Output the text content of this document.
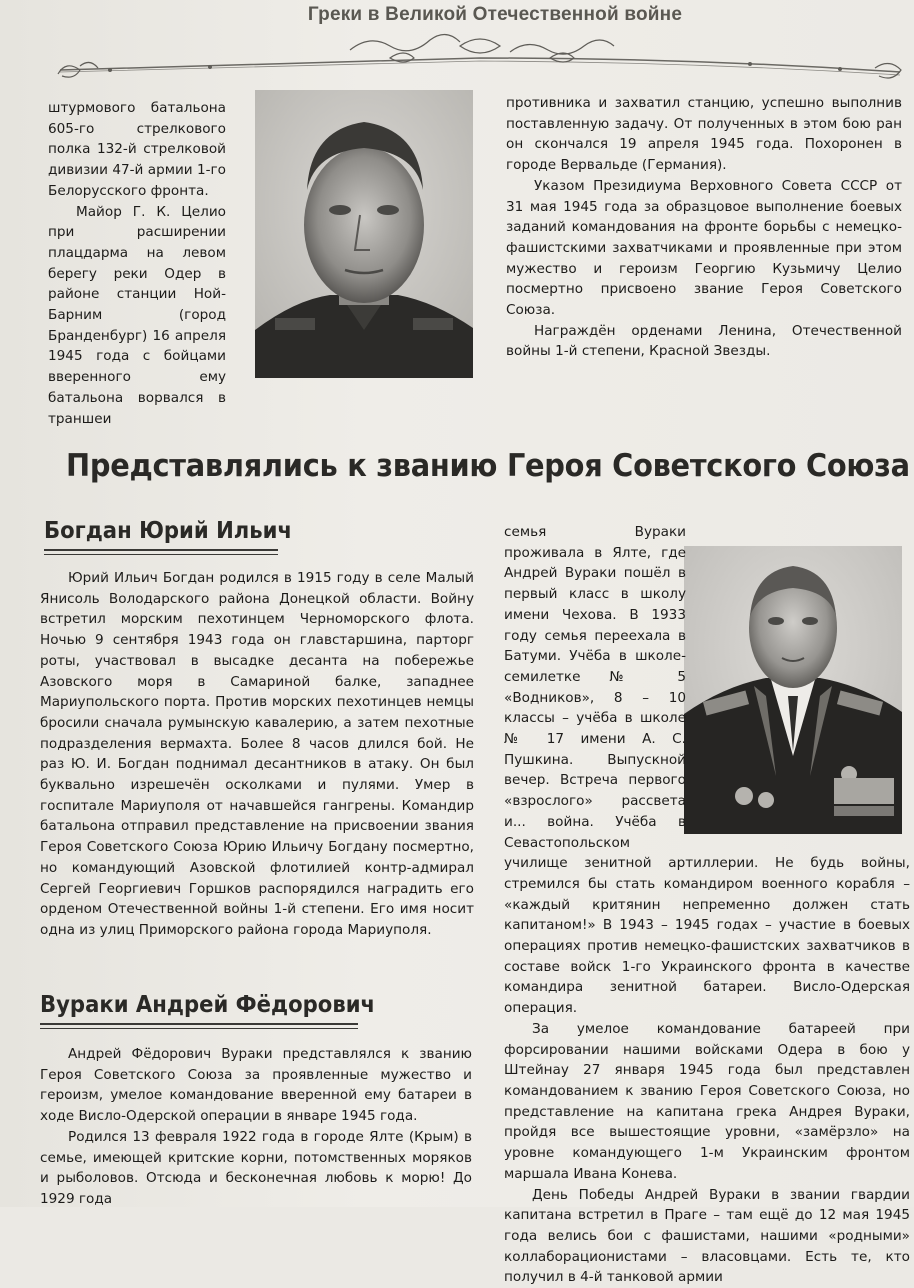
Греки в Великой Отечественной войне

штурмового батальона 605-го стрелкового полка 132-й стрелковой дивизии 47-й армии 1-го Белорусского фронта.

Майор Г. К. Целио при расширении плацдарма на левом берегу реки Одер в районе станции Ной-Барним (город Бранденбург) 16 апреля 1945 года с бойцами вверенного ему батальона ворвался в траншеи

противника и захватил станцию, успешно выполнив поставленную задачу. От полученных в этом бою ран он скончался 19 апреля 1945 года. Похоронен в городе Вервальде (Германия).

Указом Президиума Верховного Совета СССР от 31 мая 1945 года за образцовое выполнение боевых заданий командования на фронте борьбы с немецко-фашистскими захватчиками и проявленные при этом мужество и героизм Георгию Кузьмичу Целио посмертно присвоено звание Героя Советского Союза.

Награждён орденами Ленина, Отечественной войны 1-й степени, Красной Звезды.

Представлялись к званию Героя Советского Союза
Богдан Юрий Ильич
Юрий Ильич Богдан родился в 1915 году в селе Малый Янисоль Володарского района Донецкой области. Войну встретил морским пехотинцем Черноморского флота. Ночью 9 сентября 1943 года он главстаршина, парторг роты, участвовал в высадке десанта на побережье Азовского моря в Самариной балке, западнее Мариупольского порта. Против морских пехотинцев немцы бросили сначала румынскую кавалерию, а затем пехотные подразделения вермахта. Более 8 часов длился бой. Не раз Ю. И. Богдан поднимал десантников в атаку. Он был буквально изрешечён осколками и пулями. Умер в госпитале Мариуполя от начавшейся гангрены. Командир батальона отправил представление на присвоении звания Героя Советского Союза Юрию Ильичу Богдану посмертно, но командующий Азовской флотилией контр-адмирал Сергей Георгиевич Горшков распорядился наградить его орденом Отечественной войны 1-й степени. Его имя носит одна из улиц Приморского района города Мариуполя.
Вураки Андрей Фёдорович

Андрей Фёдорович Вураки представлялся к званию Героя Советского Союза за проявленные мужество и героизм, умелое командование вверенной ему батареи в ходе Висло-Одерской операции в январе 1945 года.

Родился 13 февраля 1922 года в городе Ялте (Крым) в семье, имеющей критские корни, потомственных моряков и рыболовов. Отсюда и бесконечная любовь к морю! До 1929 года

семья Вураки проживала в Ялте, где Андрей Вураки пошёл в первый класс в школу имени Чехова. В 1933 году семья переехала в Батуми. Учёба в школе-семилетке № 5 «Водников», 8 – 10 классы – учёба в школе № 17 имени А. С. Пушкина. Выпускной вечер. Встреча первого «взрослого» рассвета и... война. Учёба в Севастопольском училище зенитной артиллерии. Не будь войны, стремился бы стать командиром военного корабля – «каждый критянин непременно должен стать капитаном!» В 1943 – 1945 годах – участие в боевых операциях против немецко-фашистских захватчиков в составе войск 1-го Украинского фронта в качестве командира зенитной батареи. Висло-Одерская операция.

За умелое командование батареей при форсировании нашими войсками Одера в бою у Штейнау 27 января 1945 года был представлен командованием к званию Героя Советского Союза, но представление на капитана грека Андрея Вураки, пройдя все вышестоящие уровни, «замёрзло» на уровне командующего 1-м Украинским фронтом маршала Ивана Конева.

День Победы Андрей Вураки в звании гвардии капитана встретил в Праге – там ещё до 12 мая 1945 года велись бои с фашистами, нашими «родными» коллаборационистами – власовцами. Есть те, кто получил в 4-й танковой армии
